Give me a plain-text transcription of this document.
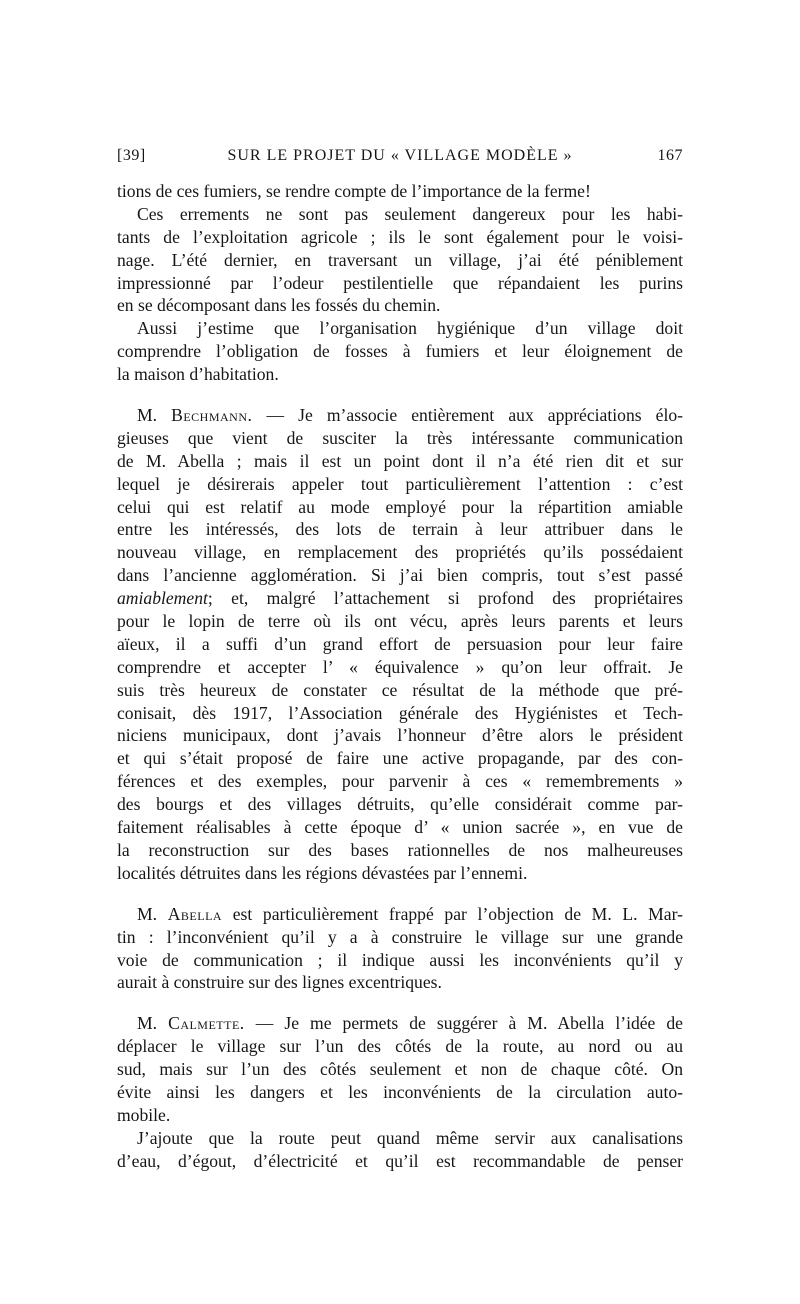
[39]	SUR LE PROJET DU « VILLAGE MODÈLE »	167
tions de ces fumiers, se rendre compte de l’importance de la ferme!
Ces errements ne sont pas seulement dangereux pour les habi-
tants de l’exploitation agricole ; ils le sont également pour le voisi-
nage. L’été dernier, en traversant un village, j’ai été péniblement
impressionné par l’odeur pestilentielle que répandaient les purins
en se décomposant dans les fossés du chemin.
Aussi j’estime que l’organisation hygiénique d’un village doit
comprendre l’obligation de fosses à fumiers et leur éloignement de
la maison d’habitation.
M. Bechmann. — Je m’associe entièrement aux appréciations élo-
gieuses que vient de susciter la très intéressante communication
de M. Abella ; mais il est un point dont il n’a été rien dit et sur
lequel je désirerais appeler tout particulièrement l’attention : c’est
celui qui est relatif au mode employé pour la répartition amiable
entre les intéressés, des lots de terrain à leur attribuer dans le
nouveau village, en remplacement des propriétés qu’ils possédaient
dans l’ancienne agglomération. Si j’ai bien compris, tout s’est passé
amiablement; et, malgré l’attachement si profond des propriétaires
pour le lopin de terre où ils ont vécu, après leurs parents et leurs
aïeux, il a suffi d’un grand effort de persuasion pour leur faire
comprendre et accepter l’ « équivalence » qu’on leur offrait. Je
suis très heureux de constater ce résultat de la méthode que pré-
conisait, dès 1917, l’Association générale des Hygiénistes et Tech-
niciens municipaux, dont j’avais l’honneur d’être alors le président
et qui s’était proposé de faire une active propagande, par des con-
férences et des exemples, pour parvenir à ces « remembrements »
des bourgs et des villages détruits, qu’elle considérait comme par-
faitement réalisables à cette époque d’ « union sacrée », en vue de
la reconstruction sur des bases rationnelles de nos malheureuses
localités détruites dans les régions dévastées par l’ennemi.
M. Abella est particulièrement frappé par l’objection de M. L. Mar-
tin : l’inconvénient qu’il y a à construire le village sur une grande
voie de communication ; il indique aussi les inconvénients qu’il y
aurait à construire sur des lignes excentriques.
M. Calmette. — Je me permets de suggérer à M. Abella l’idée de
déplacer le village sur l’un des côtés de la route, au nord ou au
sud, mais sur l’un des côtés seulement et non de chaque côté. On
évite ainsi les dangers et les inconvénients de la circulation auto-
mobile.
J’ajoute que la route peut quand même servir aux canalisations
d’eau, d’égout, d’électricité et qu’il est recommandable de penser
